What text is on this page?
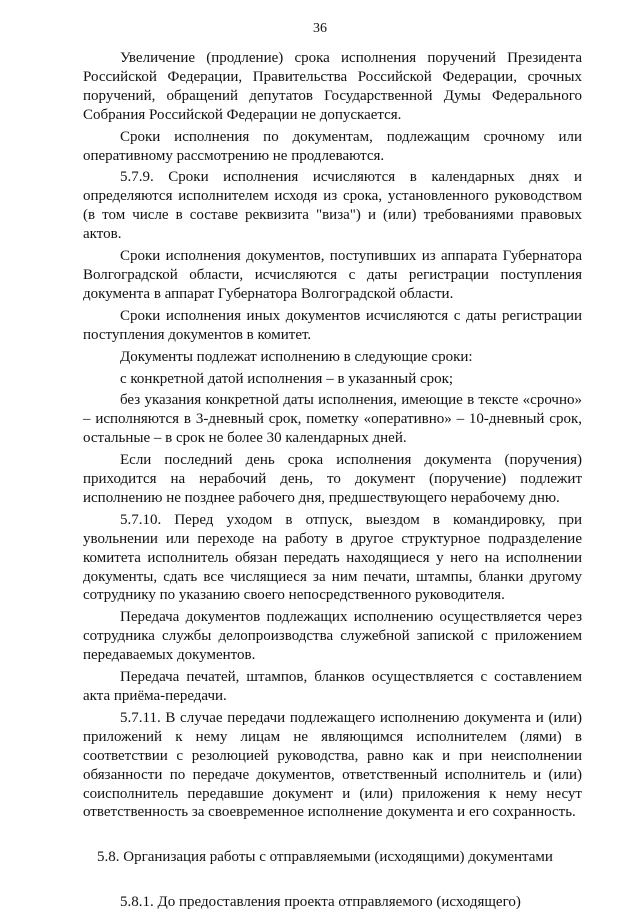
36

Увеличение (продление) срока исполнения поручений Президента Российской Федерации, Правительства Российской Федерации, срочных поручений, обращений депутатов Государственной Думы Федерального Собрания Российской Федерации не допускается.

Сроки исполнения по документам, подлежащим срочному или оперативному рассмотрению не продлеваются.

5.7.9. Сроки исполнения исчисляются в календарных днях и определяются исполнителем исходя из срока, установленного руководством (в том числе в составе реквизита "виза") и (или) требованиями правовых актов.

Сроки исполнения документов, поступивших из аппарата Губернатора Волгоградской области, исчисляются с даты регистрации поступления документа в аппарат Губернатора Волгоградской области.

Сроки исполнения иных документов исчисляются с даты регистрации поступления документов в комитет.

Документы подлежат исполнению в следующие сроки:

с конкретной датой исполнения – в указанный срок;

без указания конкретной даты исполнения, имеющие в тексте «срочно» – исполняются в 3-дневный срок, пометку «оперативно» – 10-дневный срок, остальные – в срок не более 30 календарных дней.

Если последний день срока исполнения документа (поручения) приходится на нерабочий день, то документ (поручение) подлежит исполнению не позднее рабочего дня, предшествующего нерабочему дню.

5.7.10. Перед уходом в отпуск, выездом в командировку, при увольнении или переходе на работу в другое структурное подразделение комитета исполнитель обязан передать находящиеся у него на исполнении документы, сдать все числящиеся за ним печати, штампы, бланки другому сотруднику по указанию своего непосредственного руководителя.

Передача документов подлежащих исполнению осуществляется через сотрудника службы делопроизводства служебной запиской с приложением передаваемых документов.

Передача печатей, штампов, бланков осуществляется с составлением акта приёма-передачи.

5.7.11. В случае передачи подлежащего исполнению документа и (или) приложений к нему лицам не являющимся исполнителем (лями) в соответствии с резолюцией руководства, равно как и при неисполнении обязанности по передаче документов, ответственный исполнитель и (или) соисполнитель передавшие документ и (или) приложения к нему несут ответственность за своевременное исполнение документа и его сохранность.

5.8. Организация работы с отправляемыми (исходящими) документами

5.8.1. До предоставления проекта отправляемого (исходящего)
